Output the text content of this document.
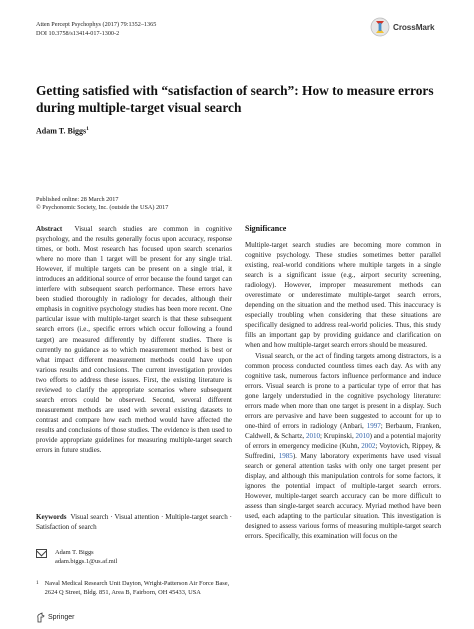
Atten Percept Psychophys (2017) 79:1352–1365
DOI 10.3758/s13414-017-1300-2
CrossMark
Getting satisfied with “satisfaction of search”: How to measure errors during multiple-target visual search
Adam T. Biggs$^1$
Published online: 28 March 2017
© Psychonomic Society, Inc. (outside the USA) 2017
Abstract Visual search studies are common in cognitive psychology, and the results generally focus upon accuracy, response times, or both. Most research has focused upon search scenarios where no more than 1 target will be present for any single trial. However, if multiple targets can be present on a single trial, it introduces an additional source of error because the found target can interfere with subsequent search performance. These errors have been studied thoroughly in radiology for decades, although their emphasis in cognitive psychology studies has been more recent. One particular issue with multiple-target search is that these subsequent search errors (i.e., specific errors which occur following a found target) are measured differently by different studies. There is currently no guidance as to which measurement method is best or what impact different measurement methods could have upon various results and conclusions. The current investigation provides two efforts to address these issues. First, the existing literature is reviewed to clarify the appropriate scenarios where subsequent search errors could be observed. Second, several different measurement methods are used with several existing datasets to contrast and compare how each method would have affected the results and conclusions of those studies. The evidence is then used to provide appropriate guidelines for measuring multiple-target search errors in future studies.
Keywords Visual search · Visual attention · Multiple-target search · Satisfaction of search
Adam T. Biggs
adam.biggs.1@us.af.mil
1 Naval Medical Research Unit Dayton, Wright-Patterson Air Force Base, 2624 Q Street, Bldg. 851, Area B, Fairborn, OH 45433, USA
Springer
Significance
Multiple-target search studies are becoming more common in cognitive psychology. These studies sometimes better parallel existing, real-world conditions where multiple targets in a single search is a significant issue (e.g., airport security screening, radiology). However, improper measurement methods can overestimate or underestimate multiple-target search errors, depending on the situation and the method used. This inaccuracy is especially troubling when considering that these situations are specifically designed to address real-world policies. Thus, this study fills an important gap by providing guidance and clarification on when and how multiple-target search errors should be measured.
Visual search, or the act of finding targets among distractors, is a common process conducted countless times each day. As with any cognitive task, numerous factors influence performance and induce errors. Visual search is prone to a particular type of error that has gone largely understudied in the cognitive psychology literature: errors made when more than one target is present in a display. Such errors are pervasive and have been suggested to account for up to one-third of errors in radiology (Anbari, 1997; Berbaum, Franken, Caldwell, & Schartz, 2010; Krupinski, 2010) and a potential majority of errors in emergency medicine (Kuhn, 2002; Voytovich, Rippey, & Suffredini, 1985). Many laboratory experiments have used visual search or general attention tasks with only one target present per display, and although this manipulation controls for some factors, it ignores the potential impact of multiple-target search errors. However, multiple-target search accuracy can be more difficult to assess than single-target search accuracy. Myriad method have been used, each adapting to the particular situation. This investigation is designed to assess various forms of measuring multiple-target search errors. Specifically, this examination will focus on the
